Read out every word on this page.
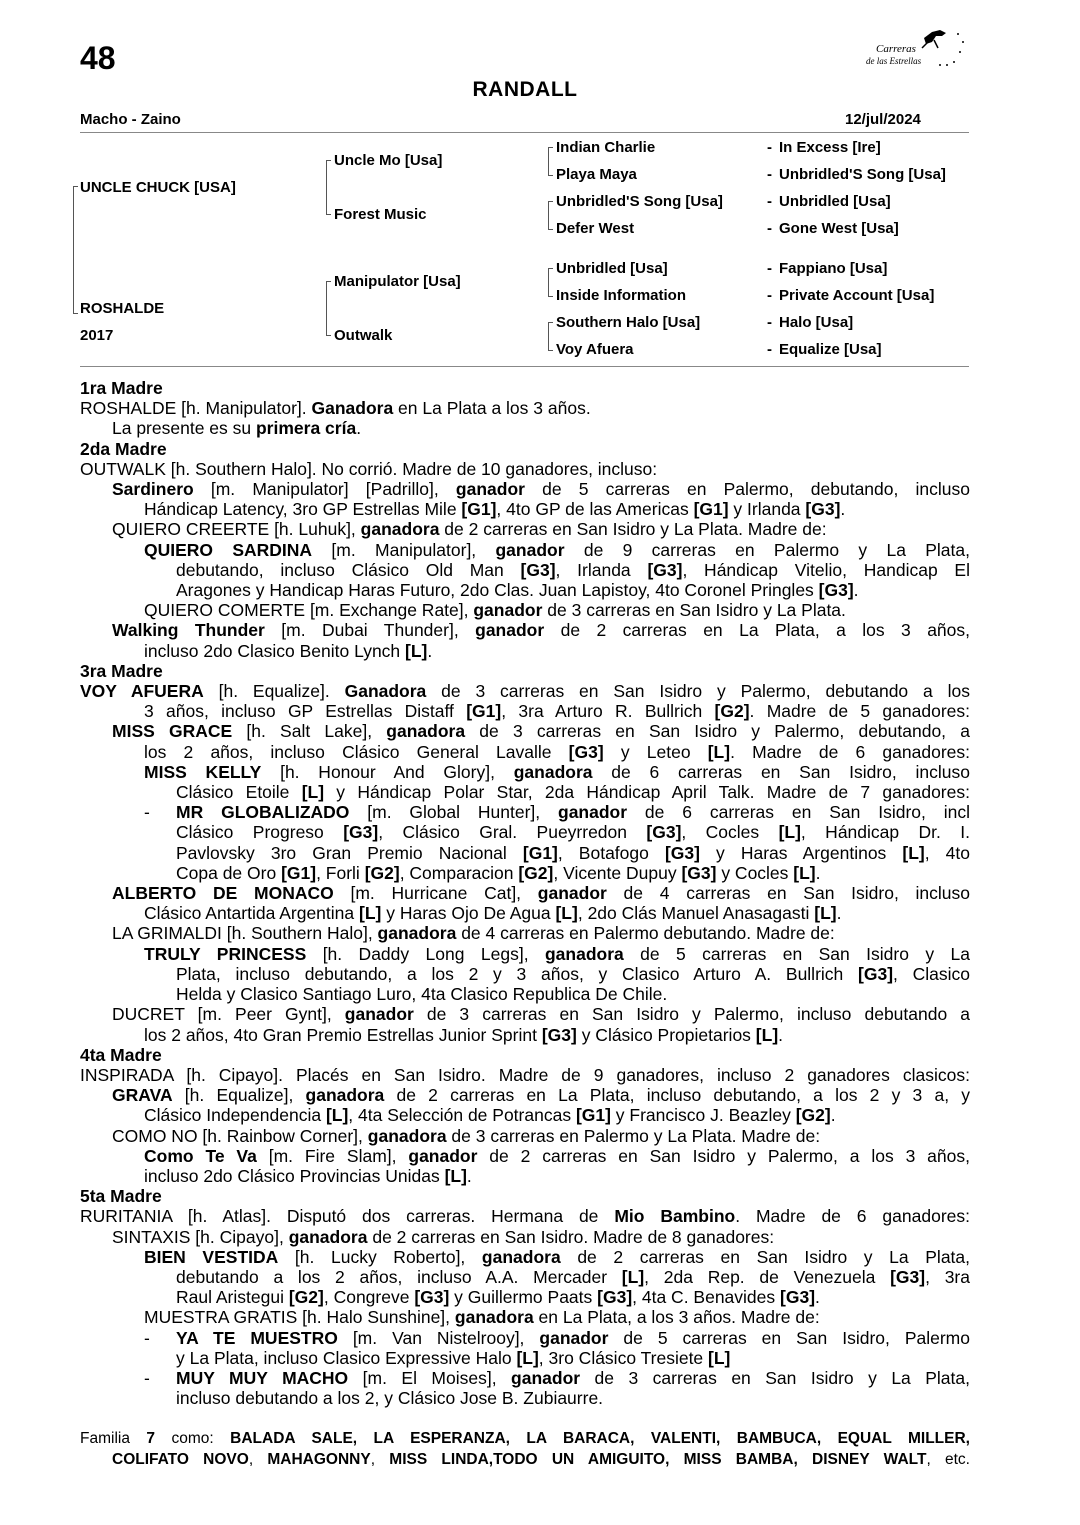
48	Carreras
de las Estrellas
RANDALL
Macho - Zaino	12/jul/2024
UNCLE CHUCK [USA]
ROSHALDE
2017
Uncle Mo [Usa]
Forest Music
Manipulator [Usa]
Outwalk
Indian Charlie
Playa Maya
Unbridled'S Song [Usa]
Defer West
Unbridled [Usa]
Inside Information
Southern Halo [Usa]
Voy Afuera
-
-
-
-
-
-
-
-
In Excess [Ire]
Unbridled'S Song [Usa]
Unbridled [Usa]
Gone West [Usa]
Fappiano [Usa]
Private Account [Usa]
Halo [Usa]
Equalize [Usa]

1ra Madre

ROSHALDE [h. Manipulator]. Ganadora en La Plata a los 3 años.

La presente es su primera cría.

2da Madre

OUTWALK [h. Southern Halo]. No corrió. Madre de 10 ganadores, incluso:

Sardinero [m. Manipulator] [Padrillo], ganador de 5 carreras en Palermo, debutando, incluso

Hándicap Latency, 3ro GP Estrellas Mile [G1], 4to GP de las Americas [G1] y Irlanda [G3].

QUIERO CREERTE [h. Luhuk], ganadora de 2 carreras en San Isidro y La Plata. Madre de:

QUIERO SARDINA [m. Manipulator], ganador de 9 carreras en Palermo y La Plata,

debutando, incluso Clásico Old Man [G3], Irlanda [G3], Hándicap Vitelio, Handicap El

Aragones y Handicap Haras Futuro, 2do Clas. Juan Lapistoy, 4to Coronel Pringles [G3].

QUIERO COMERTE [m. Exchange Rate], ganador de 3 carreras en San Isidro y La Plata.

Walking Thunder [m. Dubai Thunder], ganador de 2 carreras en La Plata, a los 3 años,

incluso 2do Clasico Benito Lynch [L].

3ra Madre

VOY AFUERA [h. Equalize]. Ganadora de 3 carreras en San Isidro y Palermo, debutando a los

3 años, incluso GP Estrellas Distaff [G1], 3ra Arturo R. Bullrich [G2]. Madre de 5 ganadores:

MISS GRACE [h. Salt Lake], ganadora de 3 carreras en San Isidro y Palermo, debutando, a

los 2 años, incluso Clásico General Lavalle [G3] y Leteo [L]. Madre de 6 ganadores:

MISS KELLY [h. Honour And Glory], ganadora de 6 carreras en San Isidro, incluso

Clásico Etoile [L] y Hándicap Polar Star, 2da Hándicap April Talk. Madre de 7 ganadores:

- MR GLOBALIZADO [m. Global Hunter], ganador de 6 carreras en San Isidro, incl

Clásico Progreso [G3], Clásico Gral. Pueyrredon [G3], Cocles [L], Hándicap Dr. I.

Pavlovsky 3ro Gran Premio Nacional [G1], Botafogo [G3] y Haras Argentinos [L], 4to

Copa de Oro [G1], Forli [G2], Comparacion [G2], Vicente Dupuy [G3] y Cocles [L].

ALBERTO DE MONACO [m. Hurricane Cat], ganador de 4 carreras en San Isidro, incluso

Clásico Antartida Argentina [L] y Haras Ojo De Agua [L], 2do Clás Manuel Anasagasti [L].

LA GRIMALDI [h. Southern Halo], ganadora de 4 carreras en Palermo debutando. Madre de:

TRULY PRINCESS [h. Daddy Long Legs], ganadora de 5 carreras en San Isidro y La

Plata, incluso debutando, a los 2 y 3 años, y Clasico Arturo A. Bullrich [G3], Clasico

Helda y Clasico Santiago Luro, 4ta Clasico Republica De Chile.

DUCRET [m. Peer Gynt], ganador de 3 carreras en San Isidro y Palermo, incluso debutando a

los 2 años, 4to Gran Premio Estrellas Junior Sprint [G3] y Clásico Propietarios [L].

4ta Madre

INSPIRADA [h. Cipayo]. Placés en San Isidro. Madre de 9 ganadores, incluso 2 ganadores clasicos:

GRAVA [h. Equalize], ganadora de 2 carreras en La Plata, incluso debutando, a los 2 y 3 a, y

Clásico Independencia [L], 4ta Selección de Potrancas [G1] y Francisco J. Beazley [G2].

COMO NO [h. Rainbow Corner], ganadora de 3 carreras en Palermo y La Plata. Madre de:

Como Te Va [m. Fire Slam], ganador de 2 carreras en San Isidro y Palermo, a los 3 años,

incluso 2do Clásico Provincias Unidas [L].

5ta Madre

RURITANIA [h. Atlas]. Disputó dos carreras. Hermana de Mio Bambino. Madre de 6 ganadores:

SINTAXIS [h. Cipayo], ganadora de 2 carreras en San Isidro. Madre de 8 ganadores:

BIEN VESTIDA [h. Lucky Roberto], ganadora de 2 carreras en San Isidro y La Plata,

debutando a los 2 años, incluso A.A. Mercader [L], 2da Rep. de Venezuela [G3], 3ra

Raul Aristegui [G2], Congreve [G3] y Guillermo Paats [G3], 4ta C. Benavides [G3].

MUESTRA GRATIS [h. Halo Sunshine], ganadora en La Plata, a los 3 años. Madre de:

- YA TE MUESTRO [m. Van Nistelrooy], ganador de 5 carreras en San Isidro, Palermo

y La Plata, incluso Clasico Expressive Halo [L], 3ro Clásico Tresiete [L]

- MUY MUY MACHO [m. El Moises], ganador de 3 carreras en San Isidro y La Plata,

incluso debutando a los 2, y Clásico Jose B. Zubiaurre.

Familia 7 como: BALADA SALE, LA ESPERANZA, LA BARACA, VALENTI, BAMBUCA, EQUAL MILLER,

COLIFATO NOVO, MAHAGONNY, MISS LINDA,TODO UN AMIGUITO, MISS BAMBA, DISNEY WALT, etc.
